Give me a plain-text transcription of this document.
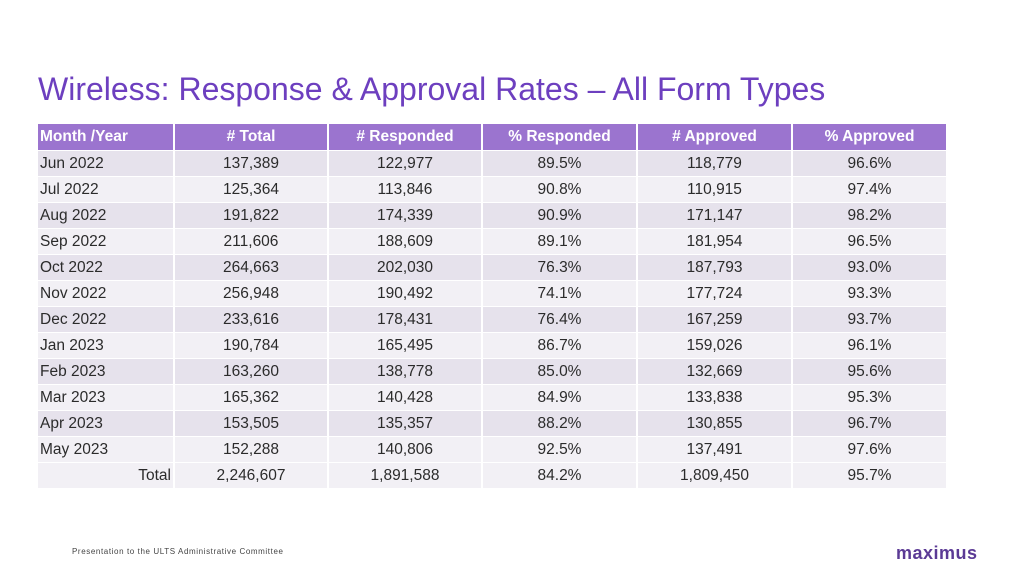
Wireless: Response & Approval Rates – All Form Types
Month /Year	# Total	# Responded	% Responded	# Approved	% Approved
Jun 2022	137,389	122,977	89.5%	118,779	96.6%
Jul 2022	125,364	113,846	90.8%	110,915	97.4%
Aug 2022	191,822	174,339	90.9%	171,147	98.2%
Sep 2022	211,606	188,609	89.1%	181,954	96.5%
Oct 2022	264,663	202,030	76.3%	187,793	93.0%
Nov 2022	256,948	190,492	74.1%	177,724	93.3%
Dec 2022	233,616	178,431	76.4%	167,259	93.7%
Jan 2023	190,784	165,495	86.7%	159,026	96.1%
Feb 2023	163,260	138,778	85.0%	132,669	95.6%
Mar 2023	165,362	140,428	84.9%	133,838	95.3%
Apr 2023	153,505	135,357	88.2%	130,855	96.7%
May 2023	152,288	140,806	92.5%	137,491	97.6%
Total	2,246,607	1,891,588	84.2%	1,809,450	95.7%
Presentation to the ULTS Administrative Committee	maximus
